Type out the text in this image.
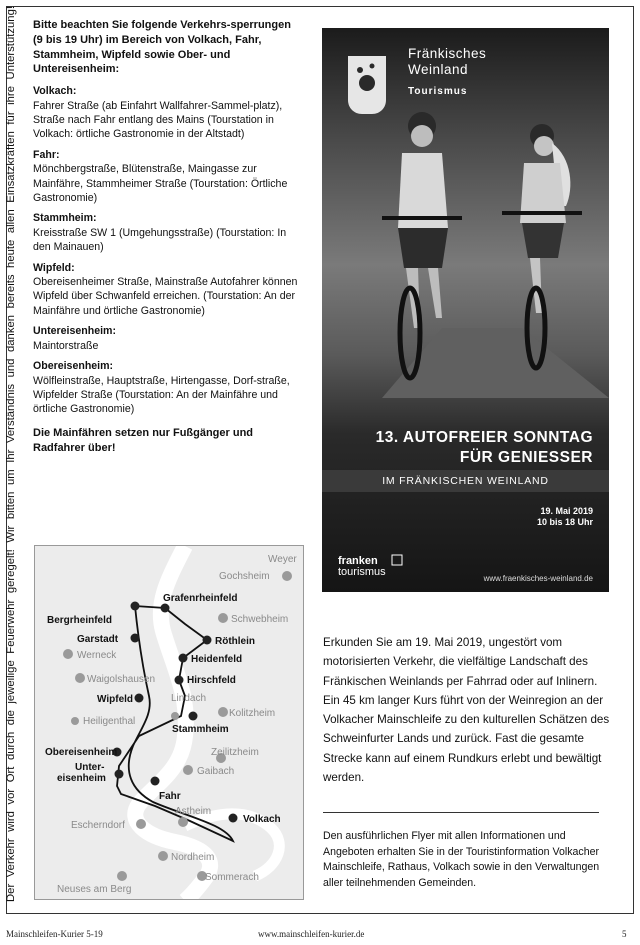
Der Verkehr wird vor Ort durch die jeweilige Feuerwehr geregelt! Wir bitten um Ihr Verständnis und danken bereits heute allen Einsatzkräften für ihre Unterstützung!	Bitte beachten Sie folgende Verkehrs-sperrungen (9 bis 19 Uhr) im Bereich von Volkach, Fahr, Stammheim, Wipfeld sowie Ober- und Untereisenheim:

Volkach:
Fahrer Straße (ab Einfahrt Wallfahrer-Sammel-platz), Straße nach Fahr entlang des Mains (Tourstation in Volkach: örtliche Gastronomie in der Altstadt)
Fahr:
Mönchbergstraße, Blütenstraße, Maingasse zur Mainfähre, Stammheimer Straße (Tourstation: Örtliche Gastronomie)
Stammheim:
Kreisstraße SW 1 (Umgehungsstraße) (Tourstation: In den Mainauen)
Wipfeld:
Obereisenheimer Straße, Mainstraße Autofahrer können Wipfeld über Schwanfeld erreichen. (Tourstation: An der Mainfähre und örtliche Gastronomie)
Untereisenheim:
Maintorstraße
Obereisenheim:
Wölfleinstraße, Hauptstraße, Hirtengasse, Dorf-straße, Wipfelder Straße (Tourstation: An der Mainfähre und örtliche Gastronomie)
Die Mainfähren setzen nur Fußgänger und Radfahrer über!
Weyer
Gochsheim
Schwebheim
Werneck
Waigolshausen
Heiligenthal
Lindach
Kolitzheim
Zeilitzheim
Gaibach
Astheim
Escherndorf
Nordheim
Sommerach
Neuses am Berg
Grafenrheinfeld
Bergrheinfeld
Garstadt	Röthlein
Heidenfeld
Hirschfeld
Wipfeld
Stammheim
Obereisenheim
Unter-
eisenheim
Fahr
Volkach
Fränkisches
Weinland
Tourismus
13. AUTOFREIER SONNTAG
FÜR GENIESSER
IM FRÄNKISCHEN WEINLAND
19. Mai 2019
10 bis 18 Uhr
franken
tourismus
www.fraenkisches-weinland.de
Erkunden Sie am 19. Mai 2019, ungestört vom motorisierten Verkehr, die vielfältige Landschaft des Fränkischen Weinlands per Fahrrad oder auf Inlinern. Ein 45 km langer Kurs führt von der Weinregion an der Volkacher Mainschleife zu den kulturellen Schätzen des Schweinfurter Lands und zurück. Fast die gesamte Strecke kann auf einem Rundkurs erlebt und bewältigt werden.
Den ausführlichen Flyer mit allen Informationen und Angeboten erhalten Sie in der Touristinformation Volkacher Mainschleife, Rathaus, Volkach sowie in den Verwaltungen aller teilnehmenden Gemeinden.
Mainschleifen-Kurier 5-19	www.mainschleifen-kurier.de	5
